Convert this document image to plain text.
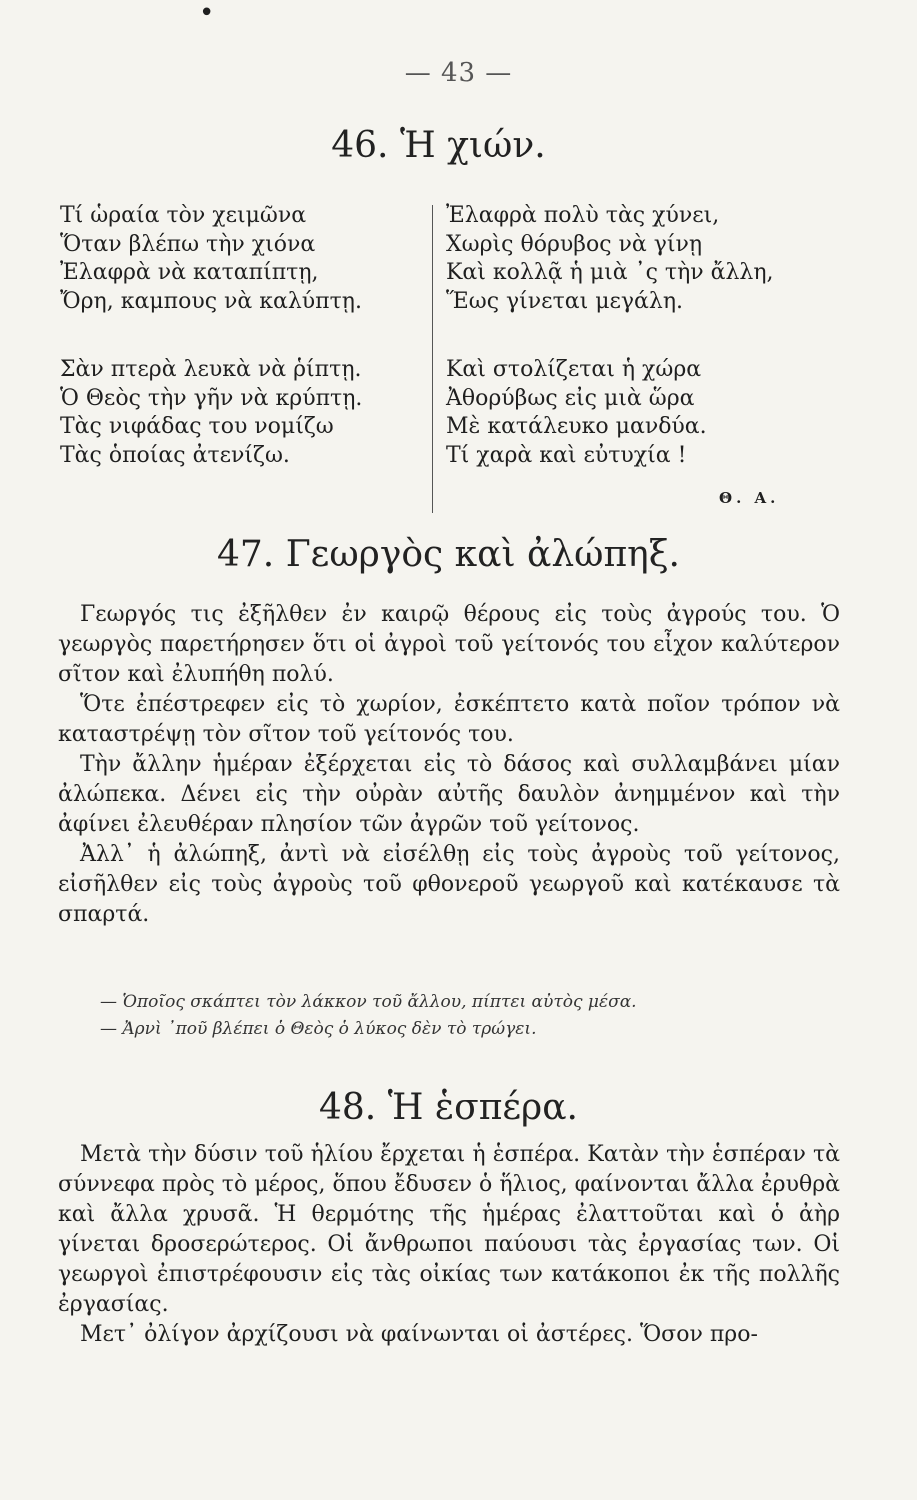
•
— 43 —
46. Ἡ χιών.
Τί ὡραία τὸν χειμῶνα
Ὅταν βλέπω τὴν χιόνα
Ἐλαφρὰ νὰ καταπίπτῃ,
Ὄρη, καμπους νὰ καλύπτῃ.
Σὰν πτερὰ λευκὰ νὰ ῥίπτῃ.
Ὁ Θεὸς τὴν γῆν νὰ κρύπτῃ.
Τὰς νιφάδας του νομίζω
Τὰς ὁποίας ἀτενίζω.
Ἐλαφρὰ πολὺ τὰς χύνει,
Χωρὶς θόρυβος νὰ γίνῃ
Καὶ κολλᾷ ἡ μιὰ ᾽ς τὴν ἄλλη,
Ἕως γίνεται μεγάλη.
Καὶ στολίζεται ἡ χώρα
Ἀθορύβως εἰς μιὰ ὥρα
Μὲ κατάλευκο μανδύα.
Τί χαρὰ καὶ εὐτυχία !
Θ. Α.
47. Γεωργὸς καὶ ἀλώπηξ.

Γεωργός τις ἐξῆλθεν ἐν καιρῷ θέρους εἰς τοὺς ἀγρούς του. Ὁ γεωργὸς παρετήρησεν ὅτι οἱ ἀγροὶ τοῦ γείτονός του εἶχον καλύτερον σῖτον καὶ ἐλυπήθη πολύ.

Ὅτε ἐπέστρεφεν εἰς τὸ χωρίον, ἐσκέπτετο κατὰ ποῖον τρόπον νὰ καταστρέψῃ τὸν σῖτον τοῦ γείτονός του.

Τὴν ἄλλην ἡμέραν ἐξέρχεται εἰς τὸ δάσος καὶ συλλαμβάνει μίαν ἀλώπεκα. Δένει εἰς τὴν οὐρὰν αὐτῆς δαυλὸν ἀνημμένον καὶ τὴν ἀφίνει ἐλευθέραν πλησίον τῶν ἀγρῶν τοῦ γείτονος.

Ἀλλ᾽ ἡ ἀλώπηξ, ἀντὶ νὰ εἰσέλθῃ εἰς τοὺς ἀγροὺς τοῦ γείτονος, εἰσῆλθεν εἰς τοὺς ἀγροὺς τοῦ φθονεροῦ γεωργοῦ καὶ κατέκαυσε τὰ σπαρτά.

— Ὁποῖος σκάπτει τὸν λάκκον τοῦ ἄλλου, πίπτει αὐτὸς μέσα.
— Ἀρνὶ ᾽ποῦ βλέπει ὁ Θεὸς ὁ λύκος δὲν τὸ τρώγει.
48. Ἡ ἑσπέρα.

Μετὰ τὴν δύσιν τοῦ ἡλίου ἔρχεται ἡ ἑσπέρα. Κατὰν τὴν ἑσπέραν τὰ σύννεφα πρὸς τὸ μέρος, ὅπου ἔδυσεν ὁ ἥλιος, φαίνονται ἄλλα ἐρυθρὰ καὶ ἄλλα χρυσᾶ. Ἡ θερμότης τῆς ἡμέρας ἐλαττοῦται καὶ ὁ ἀὴρ γίνεται δροσερώτερος. Οἱ ἄνθρωποι παύουσι τὰς ἐργασίας των. Οἱ γεωργοὶ ἐπιστρέφουσιν εἰς τὰς οἰκίας των κατάκοποι ἐκ τῆς πολλῆς ἐργασίας.

Μετ᾽ ὀλίγον ἀρχίζουσι νὰ φαίνωνται οἱ ἀστέρες. Ὅσον προ-
